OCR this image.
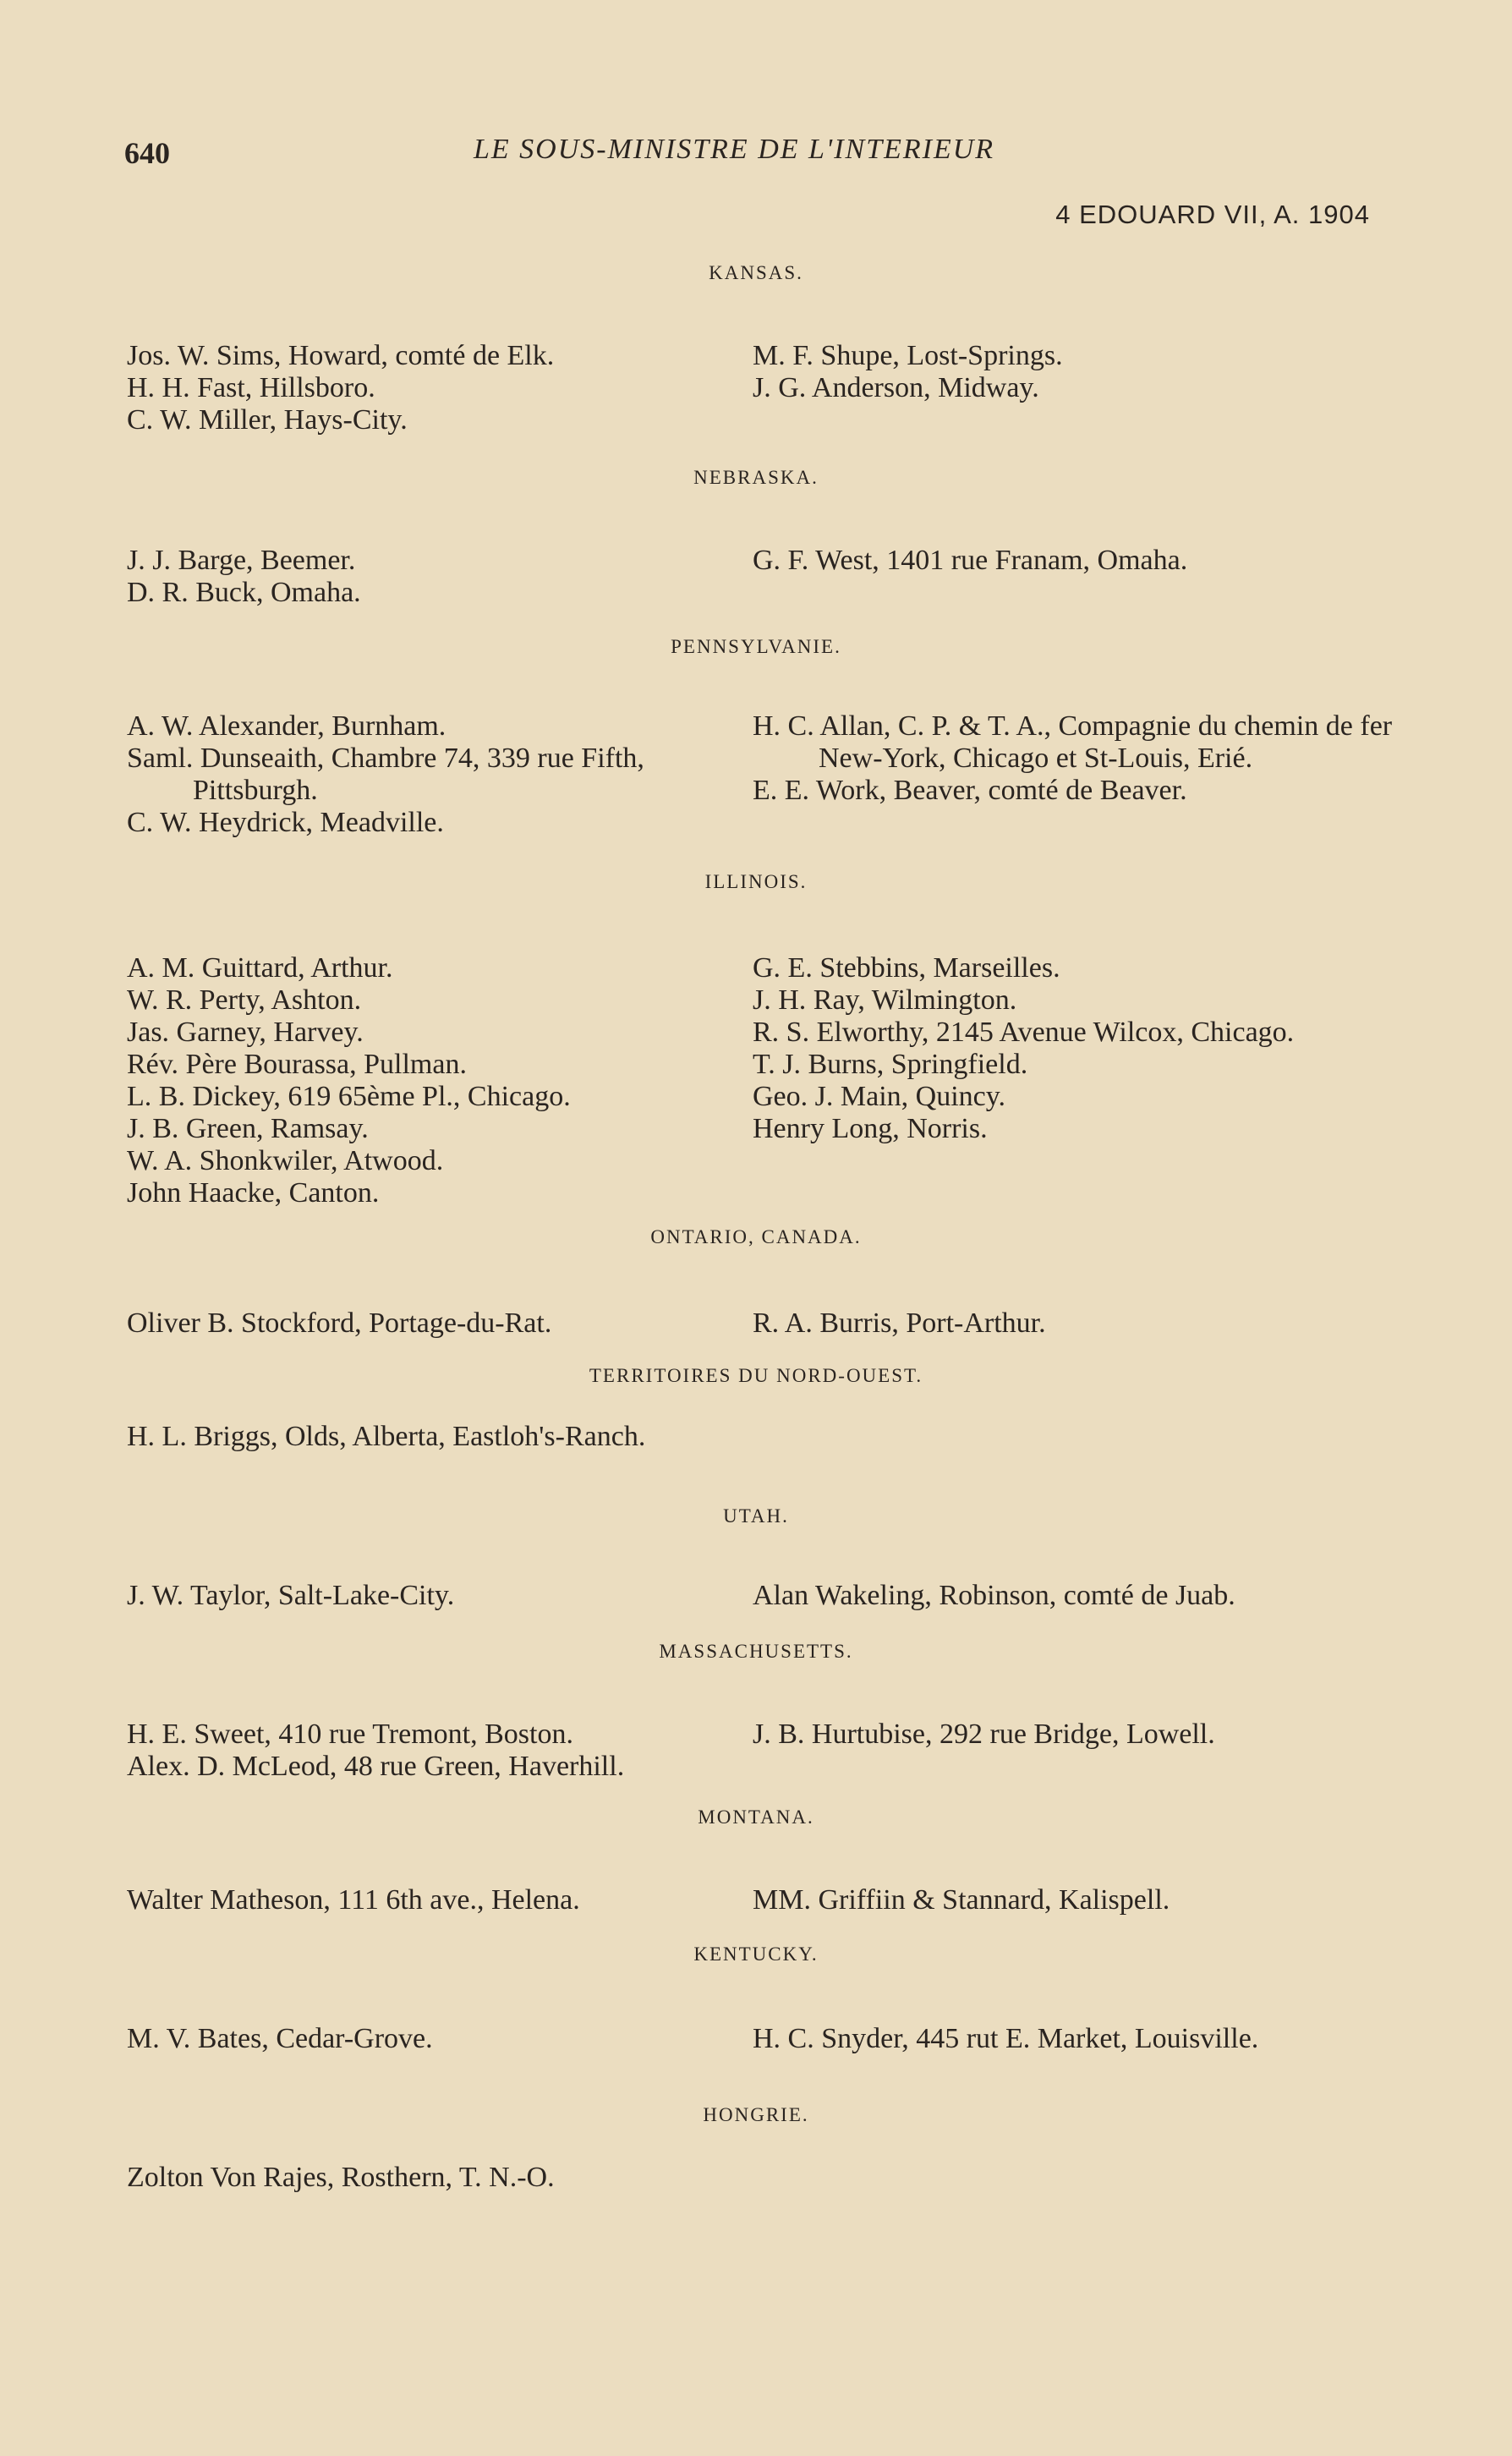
640	LE SOUS-MINISTRE DE L'INTERIEUR
4 EDOUARD VII, A. 1904
KANSAS.
Jos. W. Sims, Howard, comté de Elk.
H. H. Fast, Hillsboro.
C. W. Miller, Hays-City.
M. F. Shupe, Lost-Springs.
J. G. Anderson, Midway.
NEBRASKA.
J. J. Barge, Beemer.
D. R. Buck, Omaha.
G. F. West, 1401 rue Franam, Omaha.
PENNSYLVANIE.
A. W. Alexander, Burnham.
Saml. Dunseaith, Chambre 74, 339 rue Fifth, Pittsburgh.
C. W. Heydrick, Meadville.
H. C. Allan, C. P. & T. A., Compagnie du chemin de fer New-York, Chicago et St-Louis, Erié.
E. E. Work, Beaver, comté de Beaver.
ILLINOIS.
A. M. Guittard, Arthur.
W. R. Perty, Ashton.
Jas. Garney, Harvey.
Rév. Père Bourassa, Pullman.
L. B. Dickey, 619 65ème Pl., Chicago.
J. B. Green, Ramsay.
W. A. Shonkwiler, Atwood.
John Haacke, Canton.
G. E. Stebbins, Marseilles.
J. H. Ray, Wilmington.
R. S. Elworthy, 2145 Avenue Wilcox, Chicago.
T. J. Burns, Springfield.
Geo. J. Main, Quincy.
Henry Long, Norris.
ONTARIO, CANADA.
Oliver B. Stockford, Portage-du-Rat.	R. A. Burris, Port-Arthur.
TERRITOIRES DU NORD-OUEST.
H. L. Briggs, Olds, Alberta, Eastloh's-Ranch.
UTAH.
J. W. Taylor, Salt-Lake-City.	Alan Wakeling, Robinson, comté de Juab.
MASSACHUSETTS.
H. E. Sweet, 410 rue Tremont, Boston.
Alex. D. McLeod, 48 rue Green, Haverhill.
J. B. Hurtubise, 292 rue Bridge, Lowell.
MONTANA.
Walter Matheson, 111 6th ave., Helena.	MM. Griffiin & Stannard, Kalispell.
KENTUCKY.
M. V. Bates, Cedar-Grove.	H. C. Snyder, 445 rut E. Market, Louisville.
HONGRIE.
Zolton Von Rajes, Rosthern, T. N.-O.
